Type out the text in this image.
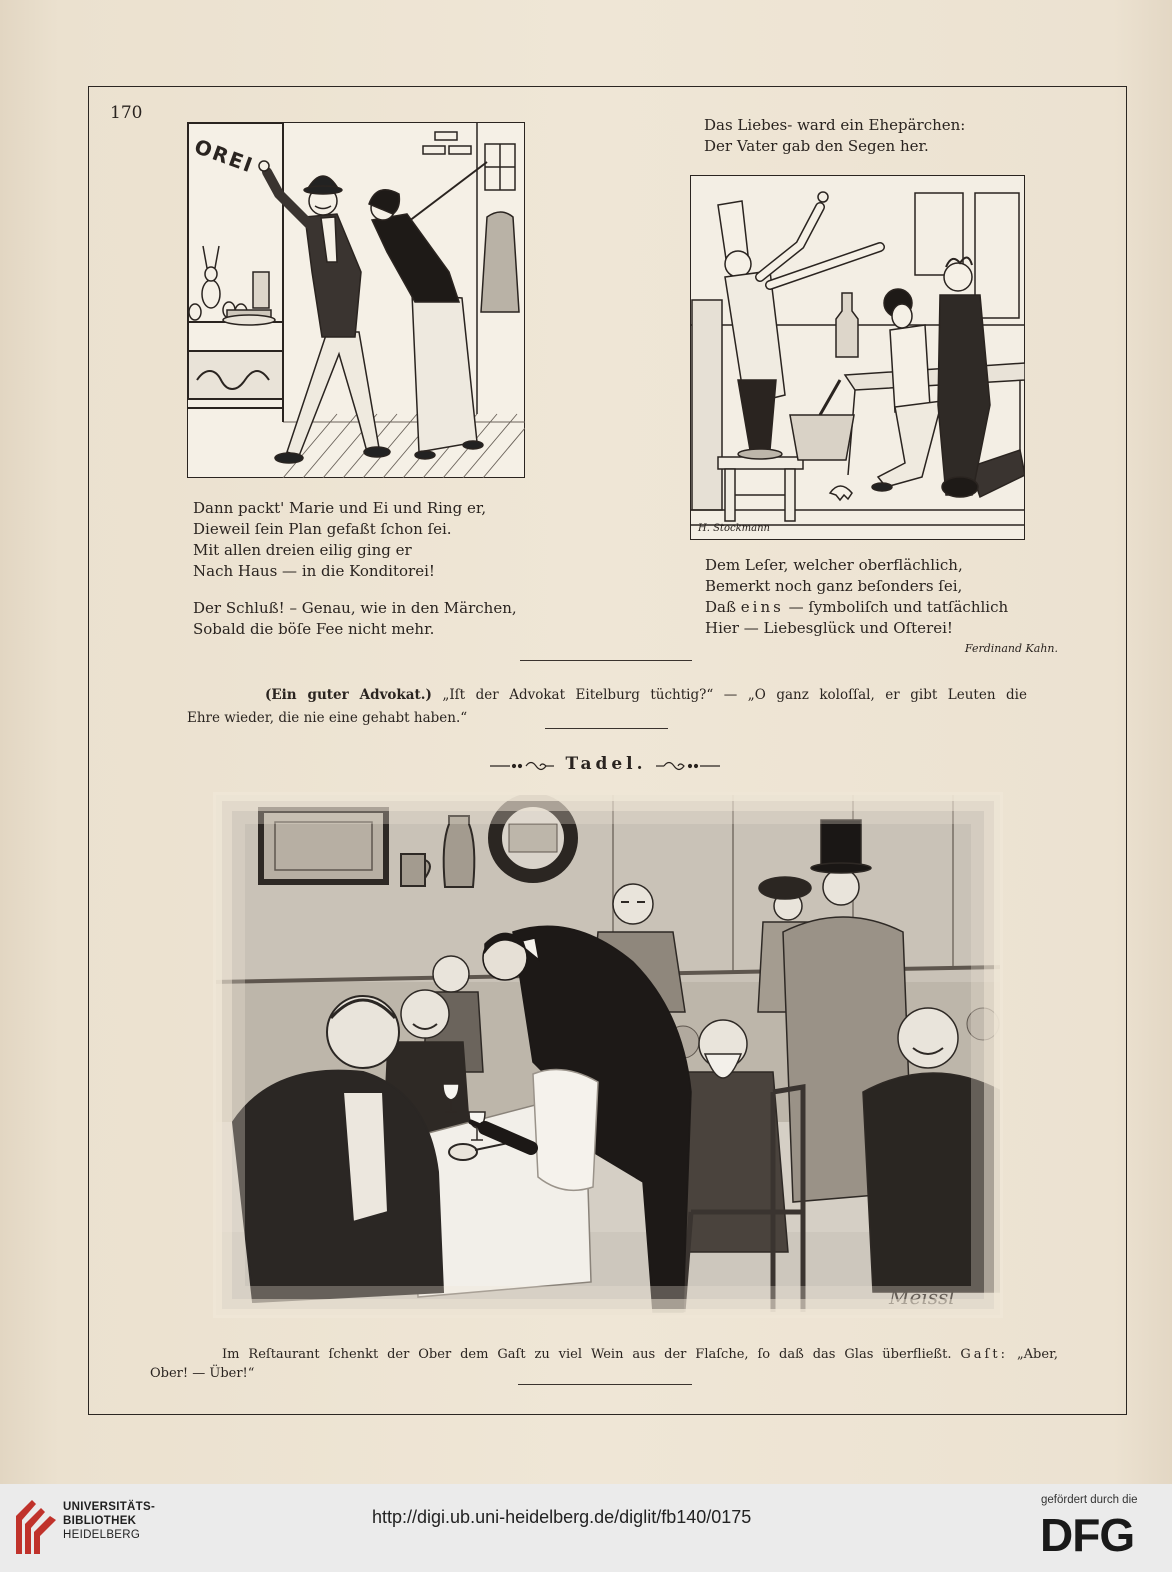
170
OREI
Das Liebes- ward ein Ehepärchen:
Der Vater gab den Segen her.
H. Stockmann
Dann packt' Marie und Ei und Ring er,
Dieweil ſein Plan gefaßt ſchon ſei.
Mit allen dreien eilig ging er
Nach Haus — in die Konditorei!
Der Schluß! – Genau, wie in den Märchen,
Sobald die böſe Fee nicht mehr.
Dem Leſer, welcher oberflächlich,
Bemerkt noch ganz beſonders ſei,
Daß eins — ſymboliſch und tatſächlich
Hier — Liebesglück und Oſterei!
Ferdinand Kahn.
(Ein guter Advokat.) „Iſt der Advokat Eitelburg tüchtig?“ — „O ganz koloſſal, er gibt Leuten die
Ehre wieder, die nie eine gehabt haben.“
Tadel.
Meissl
Im Reſtaurant ſchenkt der Ober dem Gaſt zu viel Wein aus der Flaſche, ſo daß das Glas überfließt. Gaſt: „Aber,
Ober! — Über!“
UNIVERSITÄTS-
BIBLIOTHEK
HEIDELBERG
http://digi.ub.uni-heidelberg.de/diglit/fb140/0175
gefördert durch die
DFG
